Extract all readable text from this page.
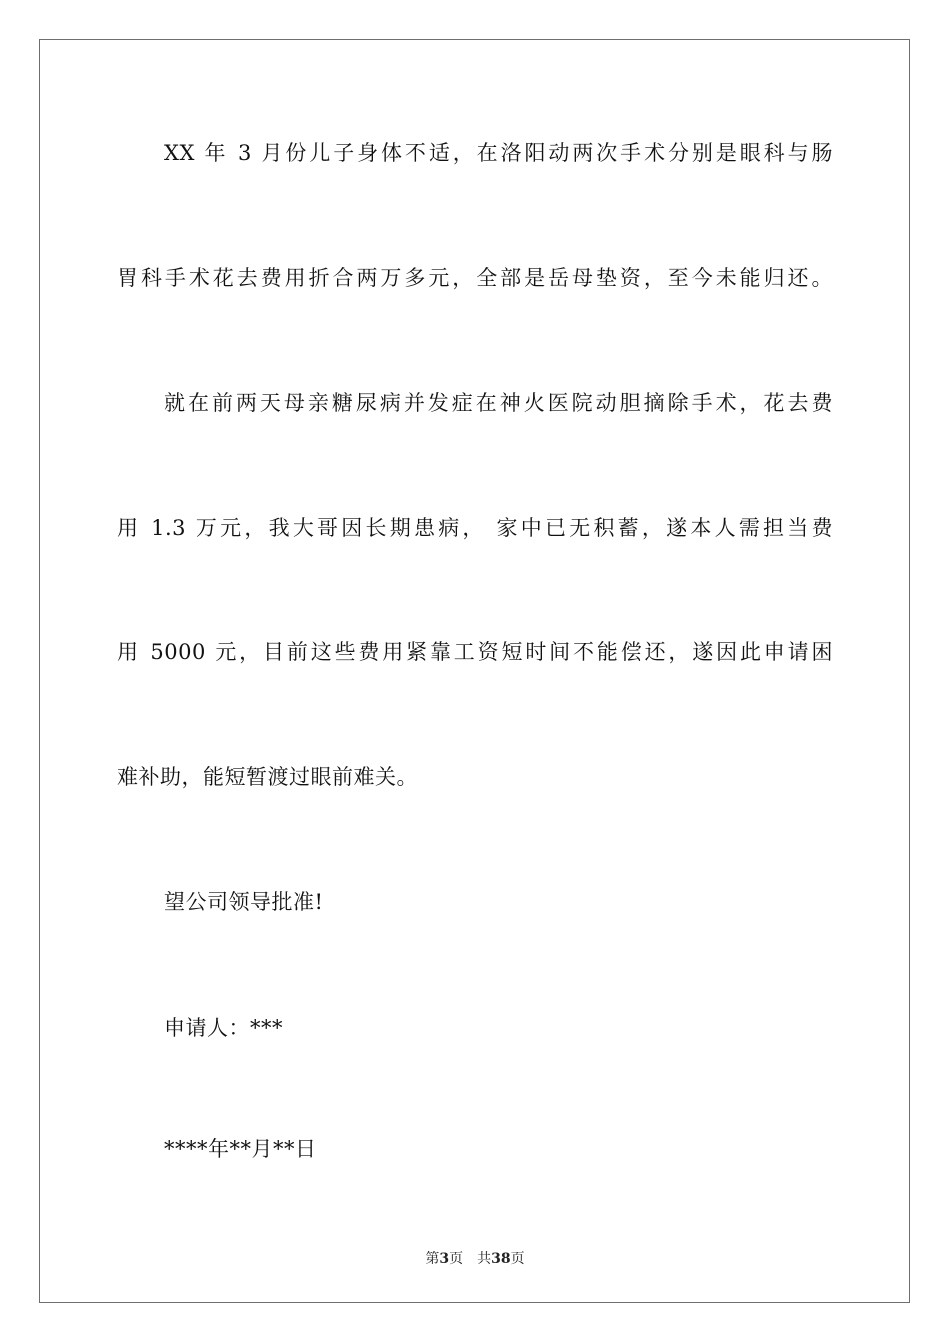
XX 年 3 月份儿子身体不适，在洛阳动两次手术分别是眼科与肠
胃科手术花去费用折合两万多元，全部是岳母垫资，至今未能归还。
就在前两天母亲糖尿病并发症在神火医院动胆摘除手术，花去费
用 1.3 万元，我大哥因长期患病， 家中已无积蓄，遂本人需担当费
用 5000 元，目前这些费用紧靠工资短时间不能偿还，遂因此申请困
难补助，能短暂渡过眼前难关。
望公司领导批准!
申请人：***
****年**月**日
第3页 共38页
